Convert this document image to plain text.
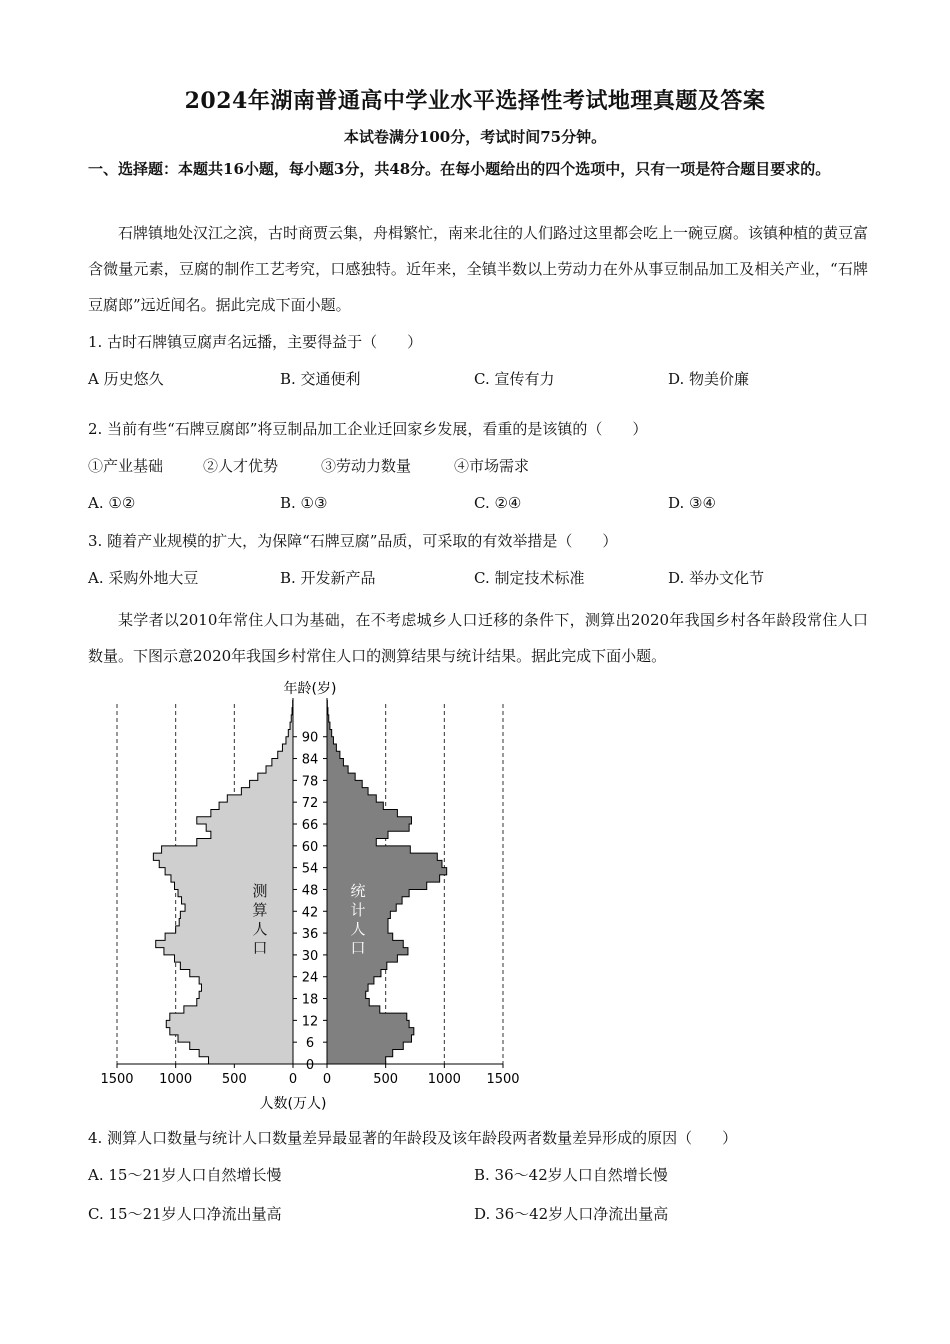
2024年湖南普通高中学业水平选择性考试地理真题及答案
本试卷满分100分，考试时间75分钟。
一、选择题：本题共16小题，每小题3分，共48分。在每小题给出的四个选项中，只有一项是符合题目要求的。
石牌镇地处汉江之滨，古时商贾云集，舟楫繁忙，南来北往的人们路过这里都会吃上一碗豆腐。该镇种植的黄豆富含微量元素，豆腐的制作工艺考究，口感独特。近年来，全镇半数以上劳动力在外从事豆制品加工及相关产业，“石牌豆腐郎”远近闻名。据此完成下面小题。
1. 古时石牌镇豆腐声名远播，主要得益于（　　）
A 历史悠久	B. 交通便利	C. 宣传有力	D. 物美价廉
2. 当前有些“石牌豆腐郎”将豆制品加工企业迁回家乡发展，看重的是该镇的（　　）
①产业基础	②人才优势	③劳动力数量	④市场需求
A. ①②	B. ①③	C. ②④	D. ③④
3. 随着产业规模的扩大，为保障“石牌豆腐”品质，可采取的有效举措是（　　）
A. 采购外地大豆	B. 开发新产品	C. 制定技术标准	D. 举办文化节
某学者以2010年常住人口为基础，在不考虑城乡人口迁移的条件下，测算出2020年我国乡村各年龄段常住人口数量。下图示意2020年我国乡村常住人口的测算结果与统计结果。据此完成下面小题。
0
6
12
18
24
30
36
42
48
54
60
66
72
78
84
90
1500 1000 500	0 0	500 1000 1500
年龄(岁)
人数(万人)
测
算
人
口
统
计
人
口
4. 测算人口数量与统计人口数量差异最显著的年龄段及该年龄段两者数量差异形成的原因（　　）
A. 15～21岁人口自然增长慢	B. 36～42岁人口自然增长慢
C. 15～21岁人口净流出量高	D. 36～42岁人口净流出量高
